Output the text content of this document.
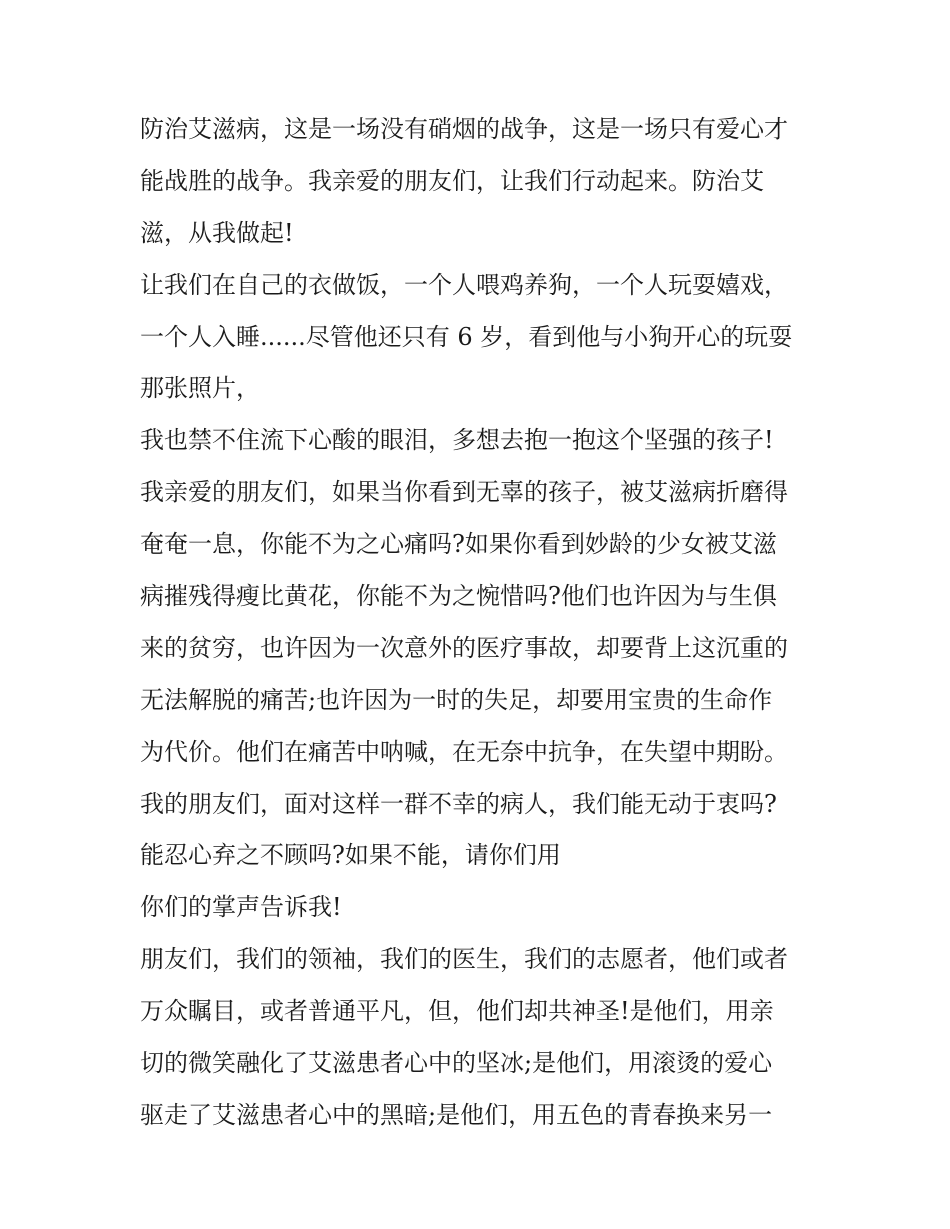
防治艾滋病，这是一场没有硝烟的战争，这是一场只有爱心才
能战胜的战争。我亲爱的朋友们，让我们行动起来。防治艾
滋，从我做起!
让我们在自己的衣做饭，一个人喂鸡养狗，一个人玩耍嬉戏，
一个人入睡......尽管他还只有 6 岁，看到他与小狗开心的玩耍
那张照片，
我也禁不住流下心酸的眼泪，多想去抱一抱这个坚强的孩子!
我亲爱的朋友们，如果当你看到无辜的孩子，被艾滋病折磨得
奄奄一息，你能不为之心痛吗?如果你看到妙龄的少女被艾滋
病摧残得瘦比黄花，你能不为之惋惜吗?他们也许因为与生俱
来的贫穷，也许因为一次意外的医疗事故，却要背上这沉重的
无法解脱的痛苦;也许因为一时的失足，却要用宝贵的生命作
为代价。他们在痛苦中呐喊，在无奈中抗争，在失望中期盼。
我的朋友们，面对这样一群不幸的病人，我们能无动于衷吗?
能忍心弃之不顾吗?如果不能，请你们用
你们的掌声告诉我!
朋友们，我们的领袖，我们的医生，我们的志愿者，他们或者
万众瞩目，或者普通平凡，但，他们却共神圣!是他们，用亲
切的微笑融化了艾滋患者心中的坚冰;是他们，用滚烫的爱心
驱走了艾滋患者心中的黑暗;是他们，用五色的青春换来另一
